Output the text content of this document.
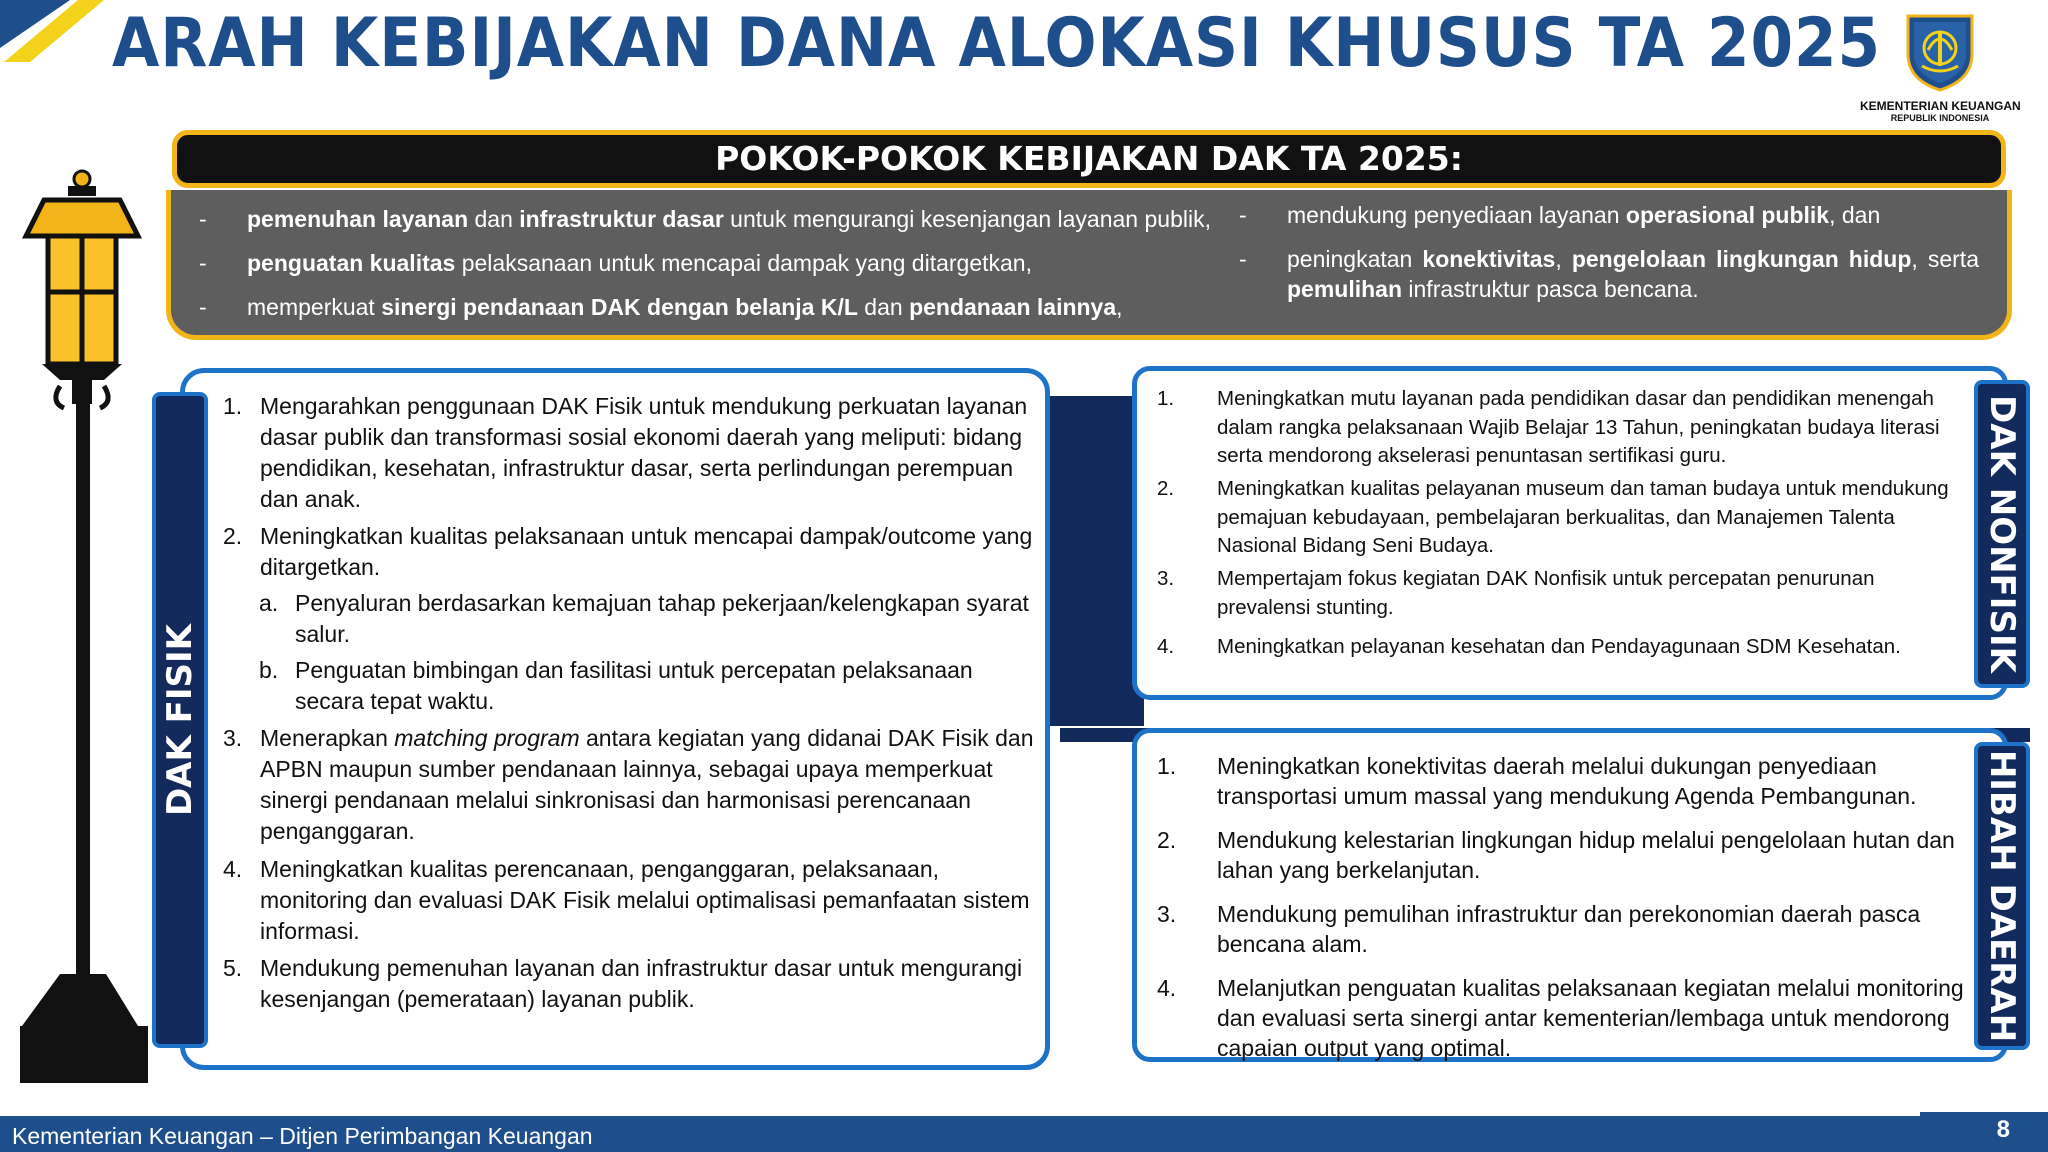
ARAH KEBIJAKAN DANA ALOKASI KHUSUS TA 2025
KEMENTERIAN KEUANGAN
REPUBLIK INDONESIA
POKOK-POKOK KEBIJAKAN DAK TA 2025:
- pemenuhan layanan dan infrastruktur dasar untuk mengurangi kesenjangan layanan publik,
- penguatan kualitas pelaksanaan untuk mencapai dampak yang ditargetkan,
- memperkuat sinergi pendanaan DAK dengan belanja K/L dan pendanaan lainnya,
- mendukung penyediaan layanan operasional publik, dan
- peningkatan konektivitas, pengelolaan lingkungan hidup, serta
pemulihan infrastruktur pasca bencana.
1. Mengarahkan penggunaan DAK Fisik untuk mendukung perkuatan layanan
dasar publik dan transformasi sosial ekonomi daerah yang meliputi: bidang
pendidikan, kesehatan, infrastruktur dasar, serta perlindungan perempuan
dan anak.
2. Meningkatkan kualitas pelaksanaan untuk mencapai dampak/outcome yang
ditargetkan.
a. Penyaluran berdasarkan kemajuan tahap pekerjaan/kelengkapan syarat
salur.
b. Penguatan bimbingan dan fasilitasi untuk percepatan pelaksanaan
secara tepat waktu.
3. Menerapkan matching program antara kegiatan yang didanai DAK Fisik dan
APBN maupun sumber pendanaan lainnya, sebagai upaya memperkuat
sinergi pendanaan melalui sinkronisasi dan harmonisasi perencanaan
penganggaran.
4. Meningkatkan kualitas perencanaan, penganggaran, pelaksanaan,
monitoring dan evaluasi DAK Fisik melalui optimalisasi pemanfaatan sistem
informasi.
5. Mendukung pemenuhan layanan dan infrastruktur dasar untuk mengurangi
kesenjangan (pemerataan) layanan publik.
DAK FISIK
1. Meningkatkan mutu layanan pada pendidikan dasar dan pendidikan menengah
dalam rangka pelaksanaan Wajib Belajar 13 Tahun, peningkatan budaya literasi
serta mendorong akselerasi penuntasan sertifikasi guru.
2. Meningkatkan kualitas pelayanan museum dan taman budaya untuk mendukung
pemajuan kebudayaan, pembelajaran berkualitas, dan Manajemen Talenta
Nasional Bidang Seni Budaya.
3. Mempertajam fokus kegiatan DAK Nonfisik untuk percepatan penurunan
prevalensi stunting.
4. Meningkatkan pelayanan kesehatan dan Pendayagunaan SDM Kesehatan. DAK NONFISIK
1. Meningkatkan konektivitas daerah melalui dukungan penyediaan
transportasi umum massal yang mendukung Agenda Pembangunan.
2. Mendukung kelestarian lingkungan hidup melalui pengelolaan hutan dan
lahan yang berkelanjutan.
3. Mendukung pemulihan infrastruktur dan perekonomian daerah pasca
bencana alam.
4. Melanjutkan penguatan kualitas pelaksanaan kegiatan melalui monitoring
dan evaluasi serta sinergi antar kementerian/lembaga untuk mendorong
capaian output yang optimal.
HIBAH DAERAH
Kementerian Keuangan – Ditjen Perimbangan Keuangan	8
